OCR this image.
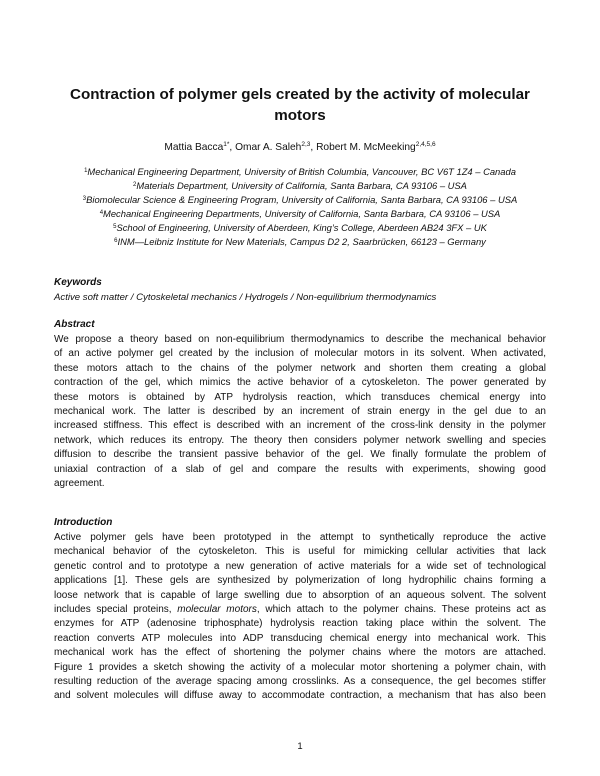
Contraction of polymer gels created by the activity of molecular
motors
Mattia Bacca$^{1*}$, Omar A. Saleh$^{2,3}$, Robert M. McMeeking$^{2,4,5,6}$
$^1$Mechanical Engineering Department, University of British Columbia, Vancouver, BC V6T 1Z4 – Canada
$^2$Materials Department, University of California, Santa Barbara, CA 93106 – USA
$^3$Biomolecular Science & Engineering Program, University of California, Santa Barbara, CA 93106 – USA
$^4$Mechanical Engineering Departments, University of California, Santa Barbara, CA 93106 – USA
$^5$School of Engineering, University of Aberdeen, King’s College, Aberdeen AB24 3FX – UK
$^6$INM—Leibniz Institute for New Materials, Campus D2 2, Saarbrücken, 66123 – Germany
Keywords
Active soft matter / Cytoskeletal mechanics / Hydrogels / Non-equilibrium thermodynamics
Abstract
We propose a theory based on non-equilibrium thermodynamics to describe the mechanical behavior
of an active polymer gel created by the inclusion of molecular motors in its solvent. When activated,
these motors attach to the chains of the polymer network and shorten them creating a global
contraction of the gel, which mimics the active behavior of a cytoskeleton. The power generated by
these motors is obtained by ATP hydrolysis reaction, which transduces chemical energy into
mechanical work. The latter is described by an increment of strain energy in the gel due to an
increased stiffness. This effect is described with an increment of the cross-link density in the polymer
network, which reduces its entropy. The theory then considers polymer network swelling and species
diffusion to describe the transient passive behavior of the gel. We finally formulate the problem of
uniaxial contraction of a slab of gel and compare the results with experiments, showing good
agreement.
Introduction
Active polymer gels have been prototyped in the attempt to synthetically reproduce the active
mechanical behavior of the cytoskeleton. This is useful for mimicking cellular activities that lack
genetic control and to prototype a new generation of active materials for a wide set of technological
applications [1]. These gels are synthesized by polymerization of long hydrophilic chains forming a
loose network that is capable of large swelling due to absorption of an aqueous solvent. The solvent
includes special proteins, molecular motors, which attach to the polymer chains. These proteins act as
enzymes for ATP (adenosine triphosphate) hydrolysis reaction taking place within the solvent. The
reaction converts ATP molecules into ADP transducing chemical energy into mechanical work. This
mechanical work has the effect of shortening the polymer chains where the motors are attached.
Figure 1 provides a sketch showing the activity of a molecular motor shortening a polymer chain, with
resulting reduction of the average spacing among crosslinks. As a consequence, the gel becomes stiffer
and solvent molecules will diffuse away to accommodate contraction, a mechanism that has also been
1
